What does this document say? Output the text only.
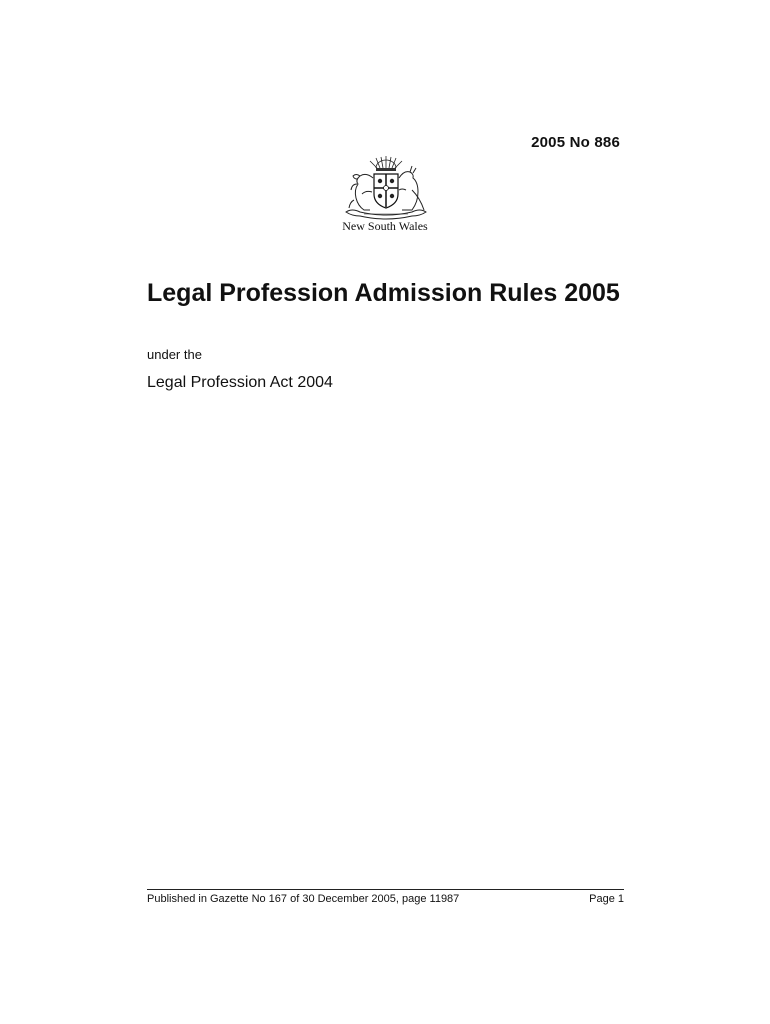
2005 No 886
New South Wales
Legal Profession Admission Rules 2005
under the
Legal Profession Act 2004
Published in Gazette No 167 of 30 December 2005, page 11987	Page 1
